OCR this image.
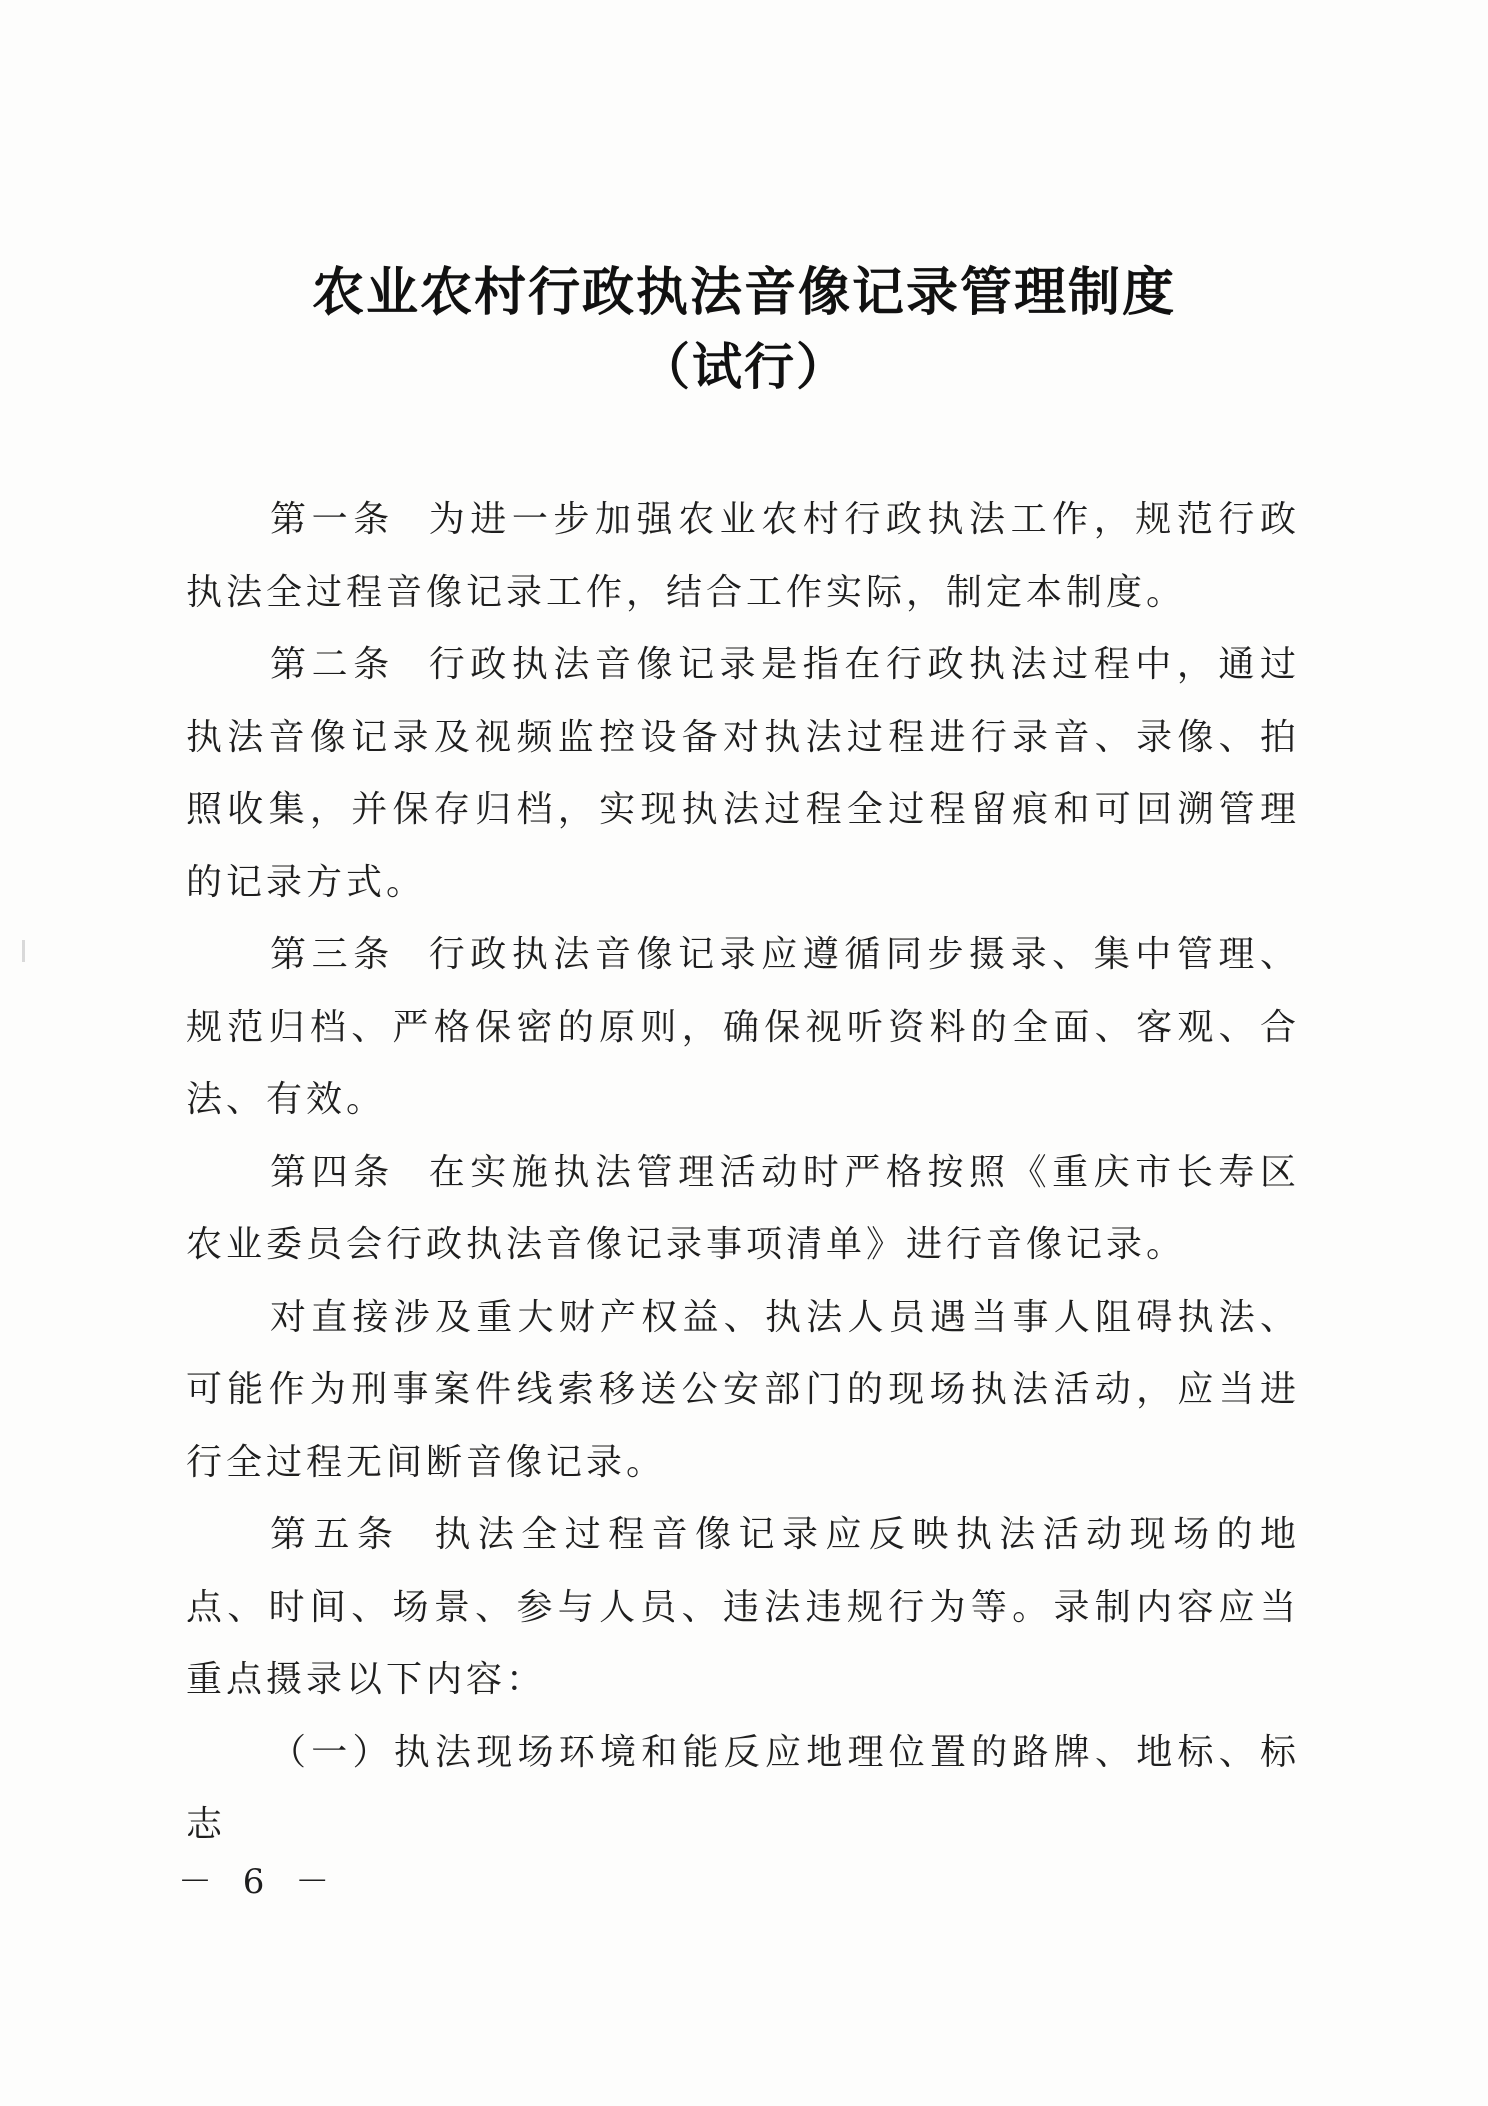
农业农村行政执法音像记录管理制度
（试行）

第一条 为进一步加强农业农村行政执法工作，规范行政执法全过程音像记录工作，结合工作实际，制定本制度。

第二条 行政执法音像记录是指在行政执法过程中，通过执法音像记录及视频监控设备对执法过程进行录音、录像、拍照收集，并保存归档，实现执法过程全过程留痕和可回溯管理的记录方式。

第三条 行政执法音像记录应遵循同步摄录、集中管理、规范归档、严格保密的原则，确保视听资料的全面、客观、合法、有效。

第四条 在实施执法管理活动时严格按照《重庆市长寿区农业委员会行政执法音像记录事项清单》进行音像记录。

对直接涉及重大财产权益、执法人员遇当事人阻碍执法、可能作为刑事案件线索移送公安部门的现场执法活动，应当进行全过程无间断音像记录。

第五条 执法全过程音像记录应反映执法活动现场的地点、时间、场景、参与人员、违法违规行为等。录制内容应当重点摄录以下内容：

（一）执法现场环境和能反应地理位置的路牌、地标、标志

－ 6 －
